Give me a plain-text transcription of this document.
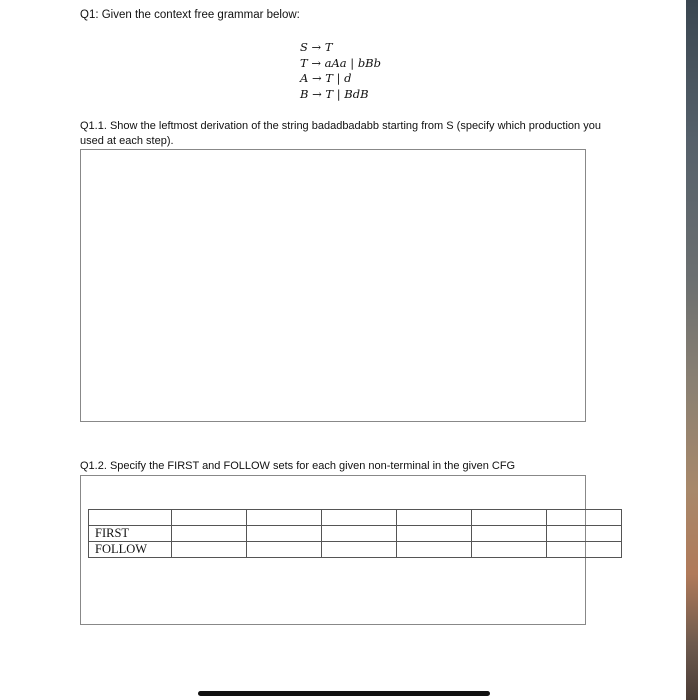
Q1: Given the context free grammar below:
S → T
T → aAa | bBb
A → T | d
B → T | BdB
Q1.1. Show the leftmost derivation of the string badadbadabb starting from S (specify which production you used at each step).
Q1.2. Specify the FIRST and FOLLOW sets for each given non-terminal in the given CFG

FIRST						
FOLLOW						
